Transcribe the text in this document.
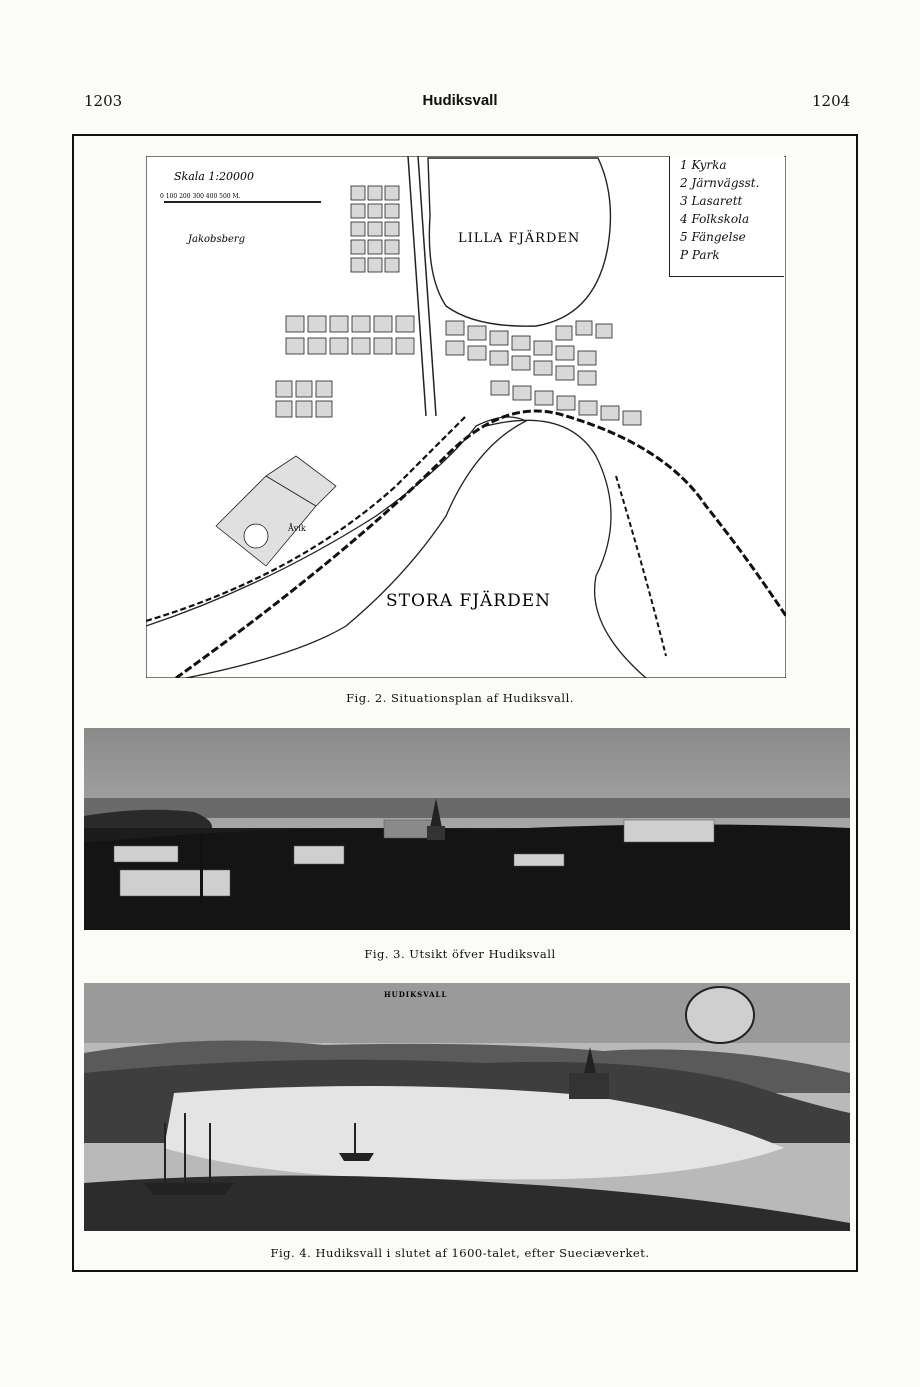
1203	Hudiksvall	1204
Skala 1:20000
0 100 200 300 400 500 M.
Jakobsberg	LILLA FJÄRDEN
STORA FJÄRDEN
Åvik
1 Kyrka
2 Järnvägsst.
3 Lasarett
4 Folkskola
5 Fängelse
P Park
Fig. 2. Situationsplan af Hudiksvall.
Fig. 3. Utsikt öfver Hudiksvall
HUDIKSVALL
Fig. 4. Hudiksvall i slutet af 1600-talet, efter Sueciæverket.
